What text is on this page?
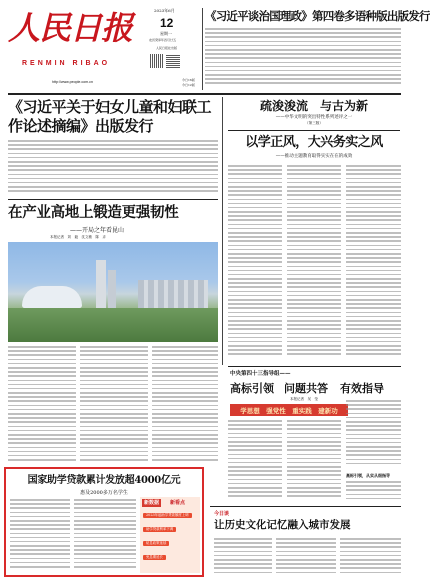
人民日报
RENMIN RIBAO
http://www.people.com.cn
2023年6月
12
星期一
农历癸卯年四月廿五
人民日报社出版
今日16版
今日12版
《习近平谈治国理政》第四卷多语种版出版发行
《习近平关于妇女儿童和妇联工作论述摘编》出版发行
在产业高地上锻造更强韧性
——开局之年看昆山
本报记者　刘　毅　沈文敏　陈　卉
疏浚浚流　与古为新
——中华文明的突出特性系列述评之一
（第三版）
以学正风，大兴务实之风
——推动主题教育取得实实在在的成效
中央第四十三指导组——
高标引领 问题共答 有效指导
本报记者　吴　莹
学思想　强党性　重实践　建新功
高标引领，从实从细指导
今日谈
让历史文化记忆融入城市发展
国家助学贷款累计发放超4000亿元
惠及2000多万名学生
新数据	新看点
2023年起助学贷款额度上调
助学贷款利率下调
贴息政策延续
免息期延长
